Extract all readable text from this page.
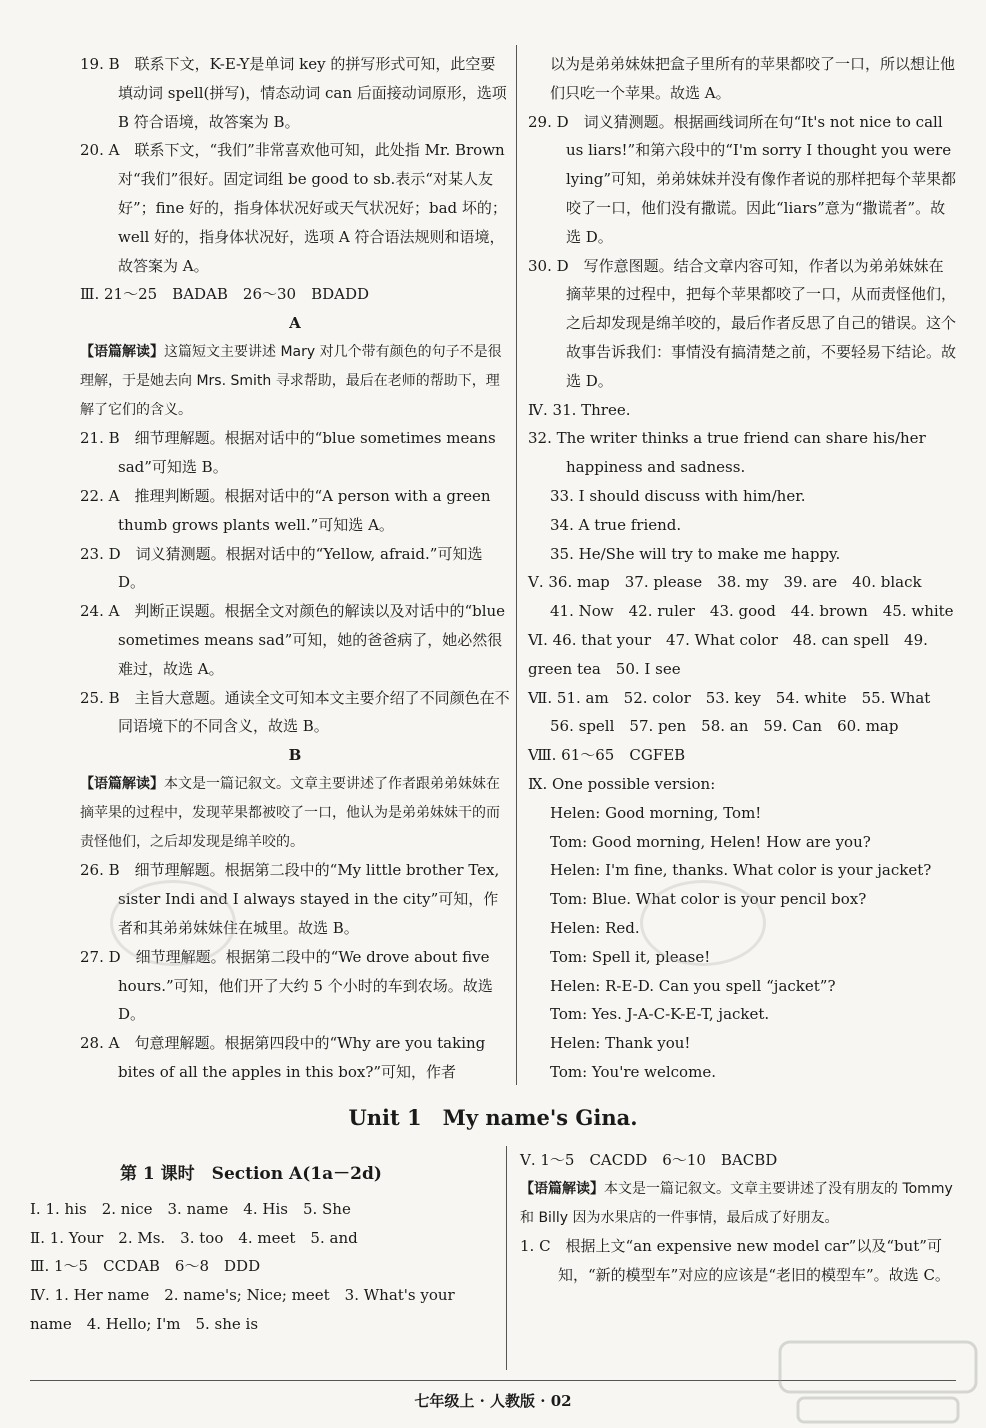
19. B　联系下文，K-E-Y是单词 key 的拼写形式可知，此空要填动词 spell(拼写)，情态动词 can 后面接动词原形，选项 B 符合语境，故答案为 B。

20. A　联系下文，“我们”非常喜欢他可知，此处指 Mr. Brown 对“我们”很好。固定词组 be good to sb.表示“对某人友好”；fine 好的，指身体状况好或天气状况好；bad 坏的；well 好的，指身体状况好，选项 A 符合语法规则和语境，故答案为 A。

Ⅲ. 21～25　BADAB　26～30　BDADD

A

【语篇解读】这篇短文主要讲述 Mary 对几个带有颜色的句子不是很理解，于是她去向 Mrs. Smith 寻求帮助，最后在老师的帮助下，理解了它们的含义。

21. B　细节理解题。根据对话中的“blue sometimes means sad”可知选 B。

22. A　推理判断题。根据对话中的“A person with a green thumb grows plants well.”可知选 A。

23. D　词义猜测题。根据对话中的“Yellow, afraid.”可知选 D。

24. A　判断正误题。根据全文对颜色的解读以及对话中的“blue sometimes means sad”可知，她的爸爸病了，她必然很难过，故选 A。

25. B　主旨大意题。通读全文可知本文主要介绍了不同颜色在不同语境下的不同含义，故选 B。

B

【语篇解读】本文是一篇记叙文。文章主要讲述了作者跟弟弟妹妹在摘苹果的过程中，发现苹果都被咬了一口，他认为是弟弟妹妹干的而责怪他们，之后却发现是绵羊咬的。

26. B　细节理解题。根据第二段中的“My little brother Tex, sister Indi and I always stayed in the city”可知，作者和其弟弟妹妹住在城里。故选 B。

27. D　细节理解题。根据第二段中的“We drove about five hours.”可知，他们开了大约 5 个小时的车到农场。故选 D。

28. A　句意理解题。根据第四段中的“Why are you taking bites of all the apples in this box?”可知，作者

以为是弟弟妹妹把盒子里所有的苹果都咬了一口，所以想让他们只吃一个苹果。故选 A。

29. D　词义猜测题。根据画线词所在句“It's not nice to call us liars!”和第六段中的“I'm sorry I thought you were lying”可知，弟弟妹妹并没有像作者说的那样把每个苹果都咬了一口，他们没有撒谎。因此“liars”意为“撒谎者”。故选 D。

30. D　写作意图题。结合文章内容可知，作者以为弟弟妹妹在摘苹果的过程中，把每个苹果都咬了一口，从而责怪他们，之后却发现是绵羊咬的，最后作者反思了自己的错误。这个故事告诉我们：事情没有搞清楚之前，不要轻易下结论。故选 D。

Ⅳ. 31. Three.

32. The writer thinks a true friend can share his/her happiness and sadness.

33. I should discuss with him/her.

34. A true friend.

35. He/She will try to make me happy.

Ⅴ. 36. map　37. please　38. my　39. are　40. black

41. Now　42. ruler　43. good　44. brown　45. white

Ⅵ. 46. that your　47. What color　48. can spell　49. green tea　50. I see

Ⅶ. 51. am　52. color　53. key　54. white　55. What

56. spell　57. pen　58. an　59. Can　60. map

Ⅷ. 61～65　CGFEB

Ⅸ. One possible version:

Helen: Good morning, Tom!

Tom: Good morning, Helen! How are you?

Helen: I'm fine, thanks. What color is your jacket?

Tom: Blue. What color is your pencil box?

Helen: Red.

Tom: Spell it, please!

Helen: R-E-D. Can you spell “jacket”?

Tom: Yes. J-A-C-K-E-T, jacket.

Helen: Thank you!

Tom: You're welcome.

Unit 1　My name's Gina.

第 1 课时　Section A(1a－2d)

Ⅰ. 1. his　2. nice　3. name　4. His　5. She

Ⅱ. 1. Your　2. Ms.　3. too　4. meet　5. and

Ⅲ. 1～5　CCDAB　6～8　DDD

Ⅳ. 1. Her name　2. name's; Nice; meet　3. What's your name　4. Hello; I'm　5. she is

Ⅴ. 1～5　CACDD　6～10　BACBD

【语篇解读】本文是一篇记叙文。文章主要讲述了没有朋友的 Tommy 和 Billy 因为水果店的一件事情，最后成了好朋友。

1. C　根据上文“an expensive new model car”以及“but”可知，“新的模型车”对应的应该是“老旧的模型车”。故选 C。

七年级上 · 人教版 · 02
